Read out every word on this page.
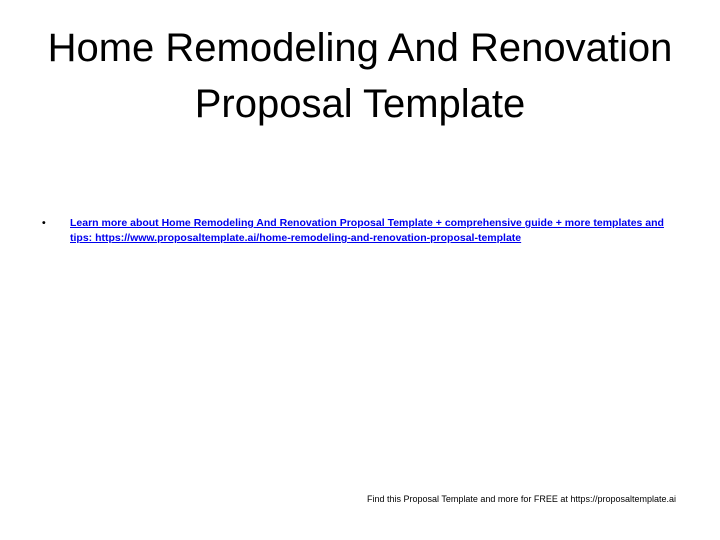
Home Remodeling And Renovation
Proposal Template
• Learn more about Home Remodeling And Renovation Proposal Template + comprehensive guide + more templates and tips: https://www.proposaltemplate.ai/home-remodeling-and-renovation-proposal-template
Find this Proposal Template and more for FREE at https://proposaltemplate.ai
